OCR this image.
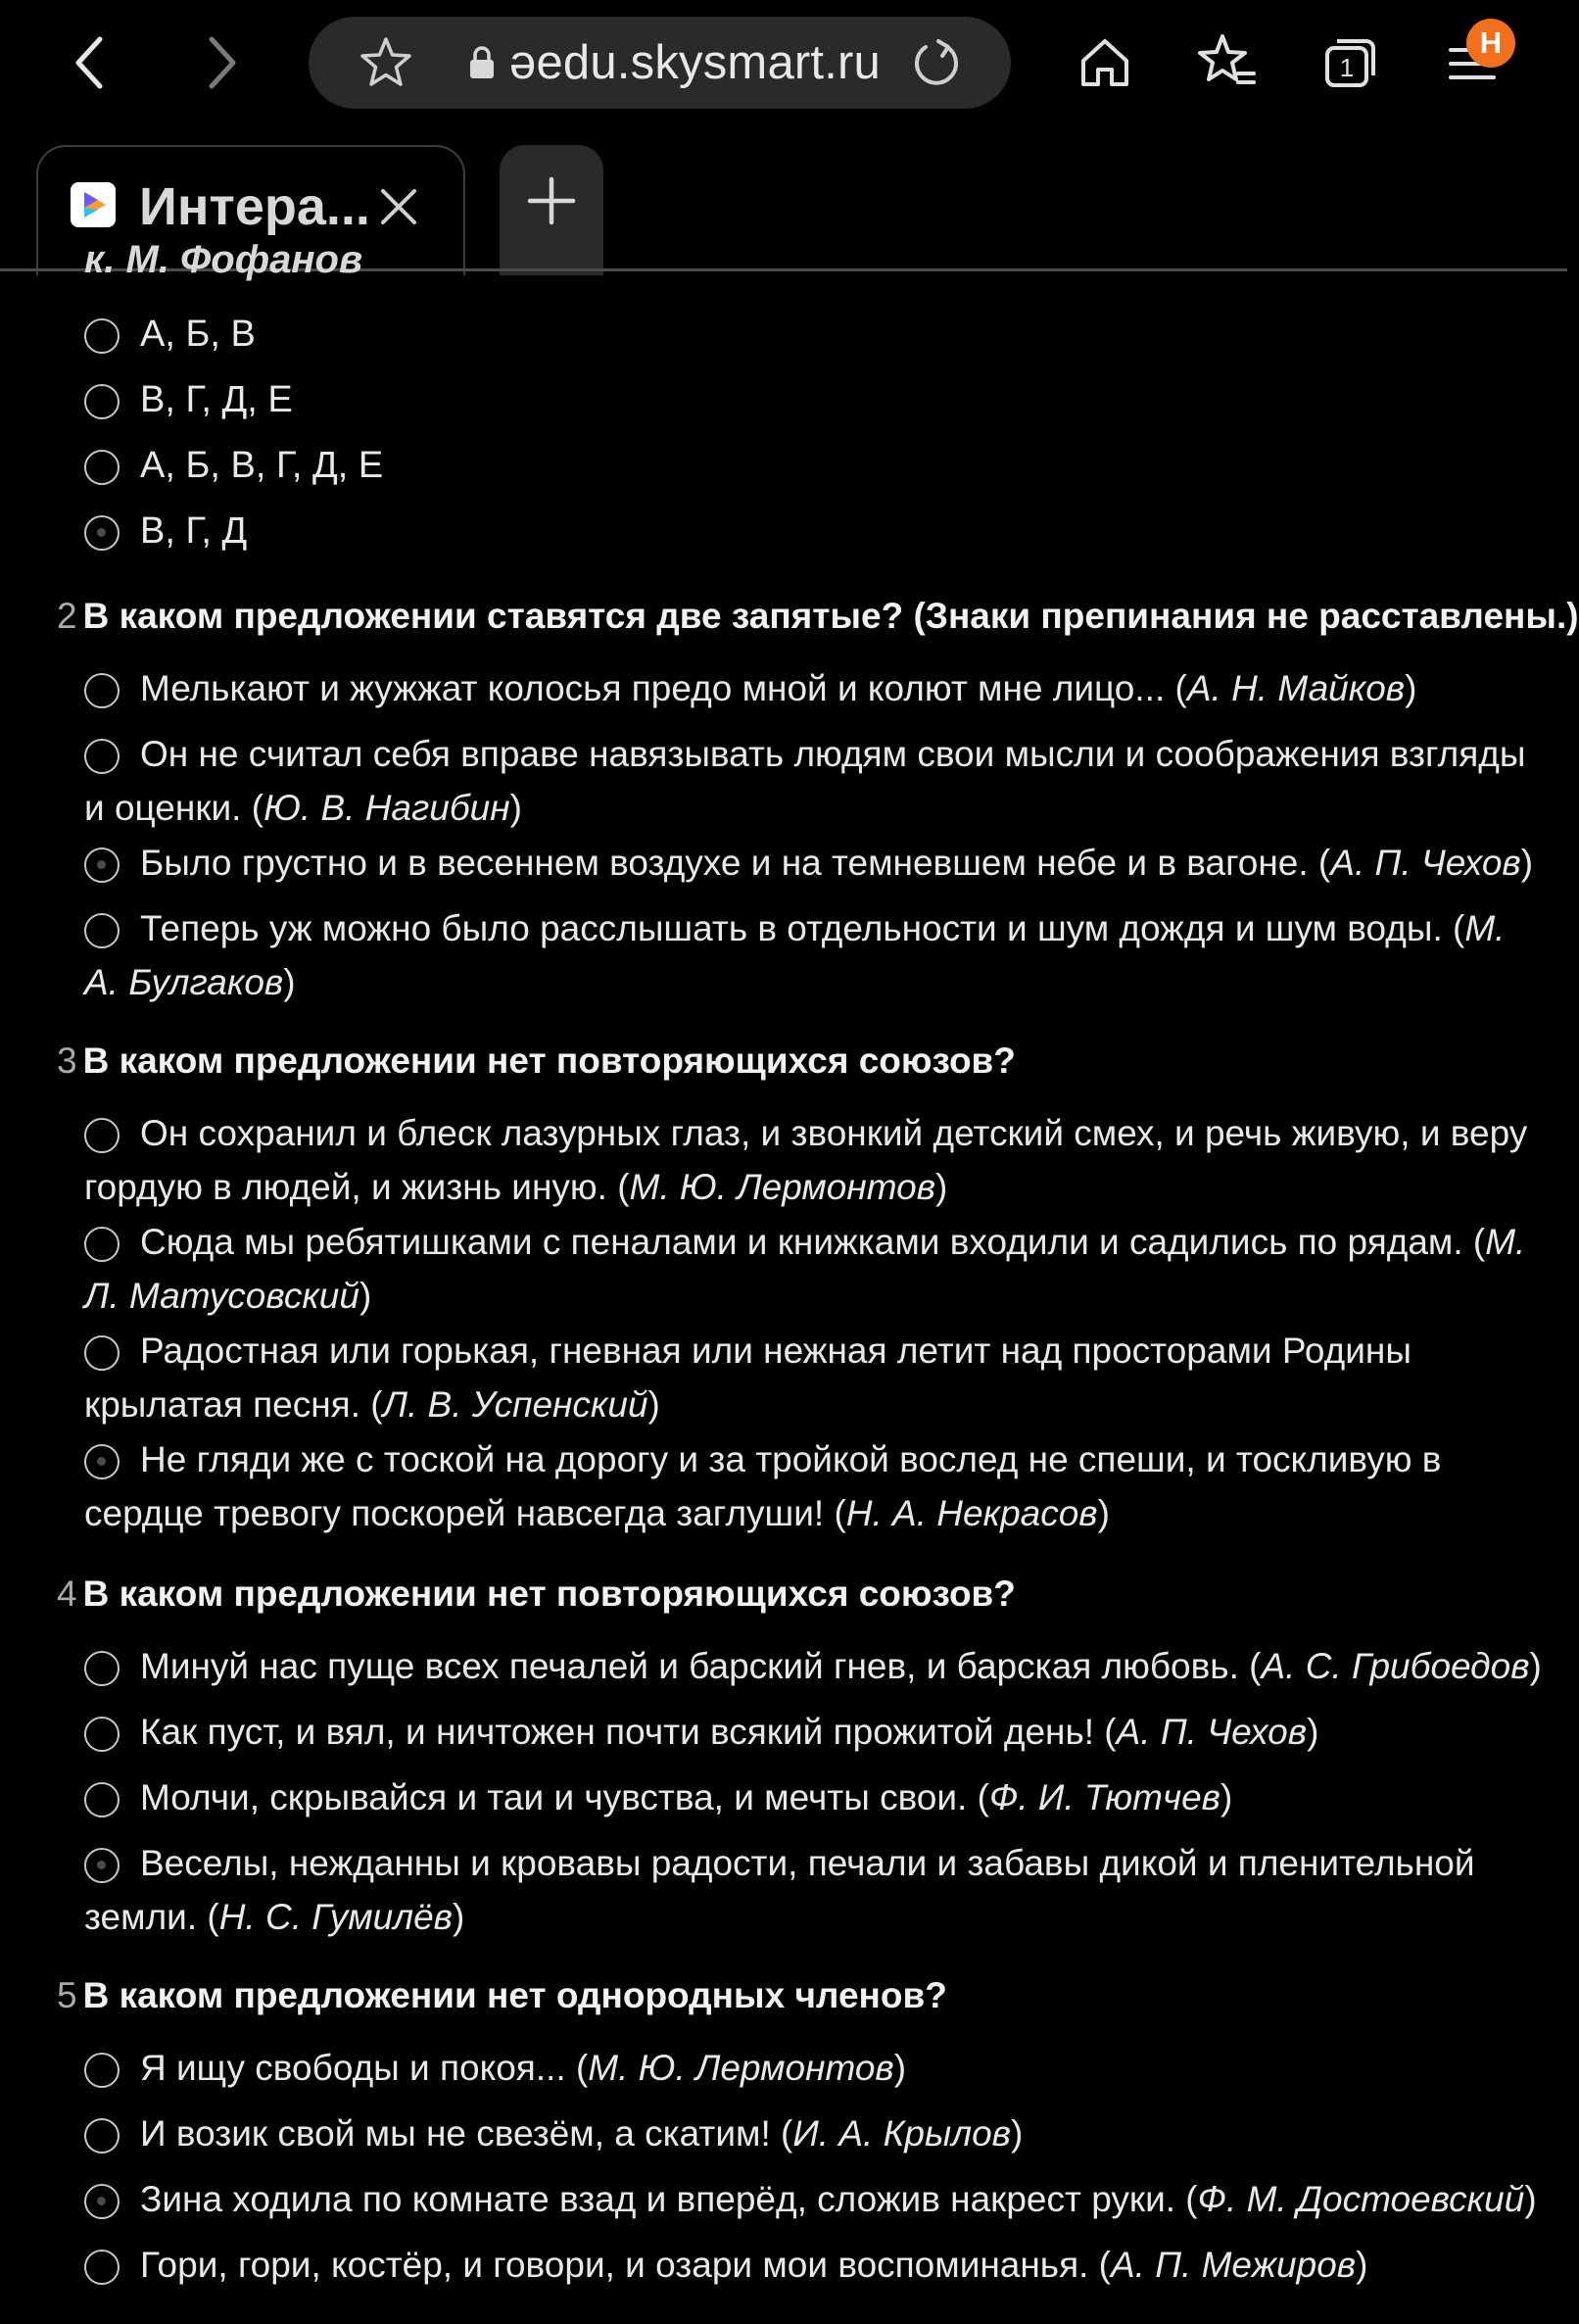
əedu.skysmart.ru	1
H
Интера...
к. М. Фофанов
А, Б, В
В, Г, Д, Е
А, Б, В, Г, Д, Е
В, Г, Д
2 В каком предложении ставятся две запятые? (Знаки препинания не расставлены.)
Мелькают и жужжат колосья предо мной и колют мне лицо... (А. Н. Майков)
Он не считал себя вправе навязывать людям свои мысли и соображения взгляды и оценки. (Ю. В. Нагибин)
Было грустно и в весеннем воздухе и на темневшем небе и в вагоне. (А. П. Чехов)
Теперь уж можно было расслышать в отдельности и шум дождя и шум воды. (М. А. Булгаков)
3 В каком предложении нет повторяющихся союзов?
Он сохранил и блеск лазурных глаз, и звонкий детский смех, и речь живую, и веру гордую в людей, и жизнь иную. (М. Ю. Лермонтов)
Сюда мы ребятишками с пеналами и книжками входили и садились по рядам. (М. Л. Матусовский)
Радостная или горькая, гневная или нежная летит над просторами Родины крылатая песня. (Л. В. Успенский)
Не гляди же с тоской на дорогу и за тройкой вослед не спеши, и тоскливую в сердце тревогу поскорей навсегда заглуши! (Н. А. Некрасов)
4 В каком предложении нет повторяющихся союзов?
Минуй нас пуще всех печалей и барский гнев, и барская любовь. (А. С. Грибоедов)
Как пуст, и вял, и ничтожен почти всякий прожитой день! (А. П. Чехов)
Молчи, скрывайся и таи и чувства, и мечты свои. (Ф. И. Тютчев)
Веселы, нежданны и кровавы радости, печали и забавы дикой и пленительной земли. (Н. С. Гумилёв)
5 В каком предложении нет однородных членов?
Я ищу свободы и покоя... (М. Ю. Лермонтов)
И возик свой мы не свезём, а скатим! (И. А. Крылов)
Зина ходила по комнате взад и вперёд, сложив накрест руки. (Ф. М. Достоевский)
Гори, гори, костёр, и говори, и озари мои воспоминанья. (А. П. Межиров)
